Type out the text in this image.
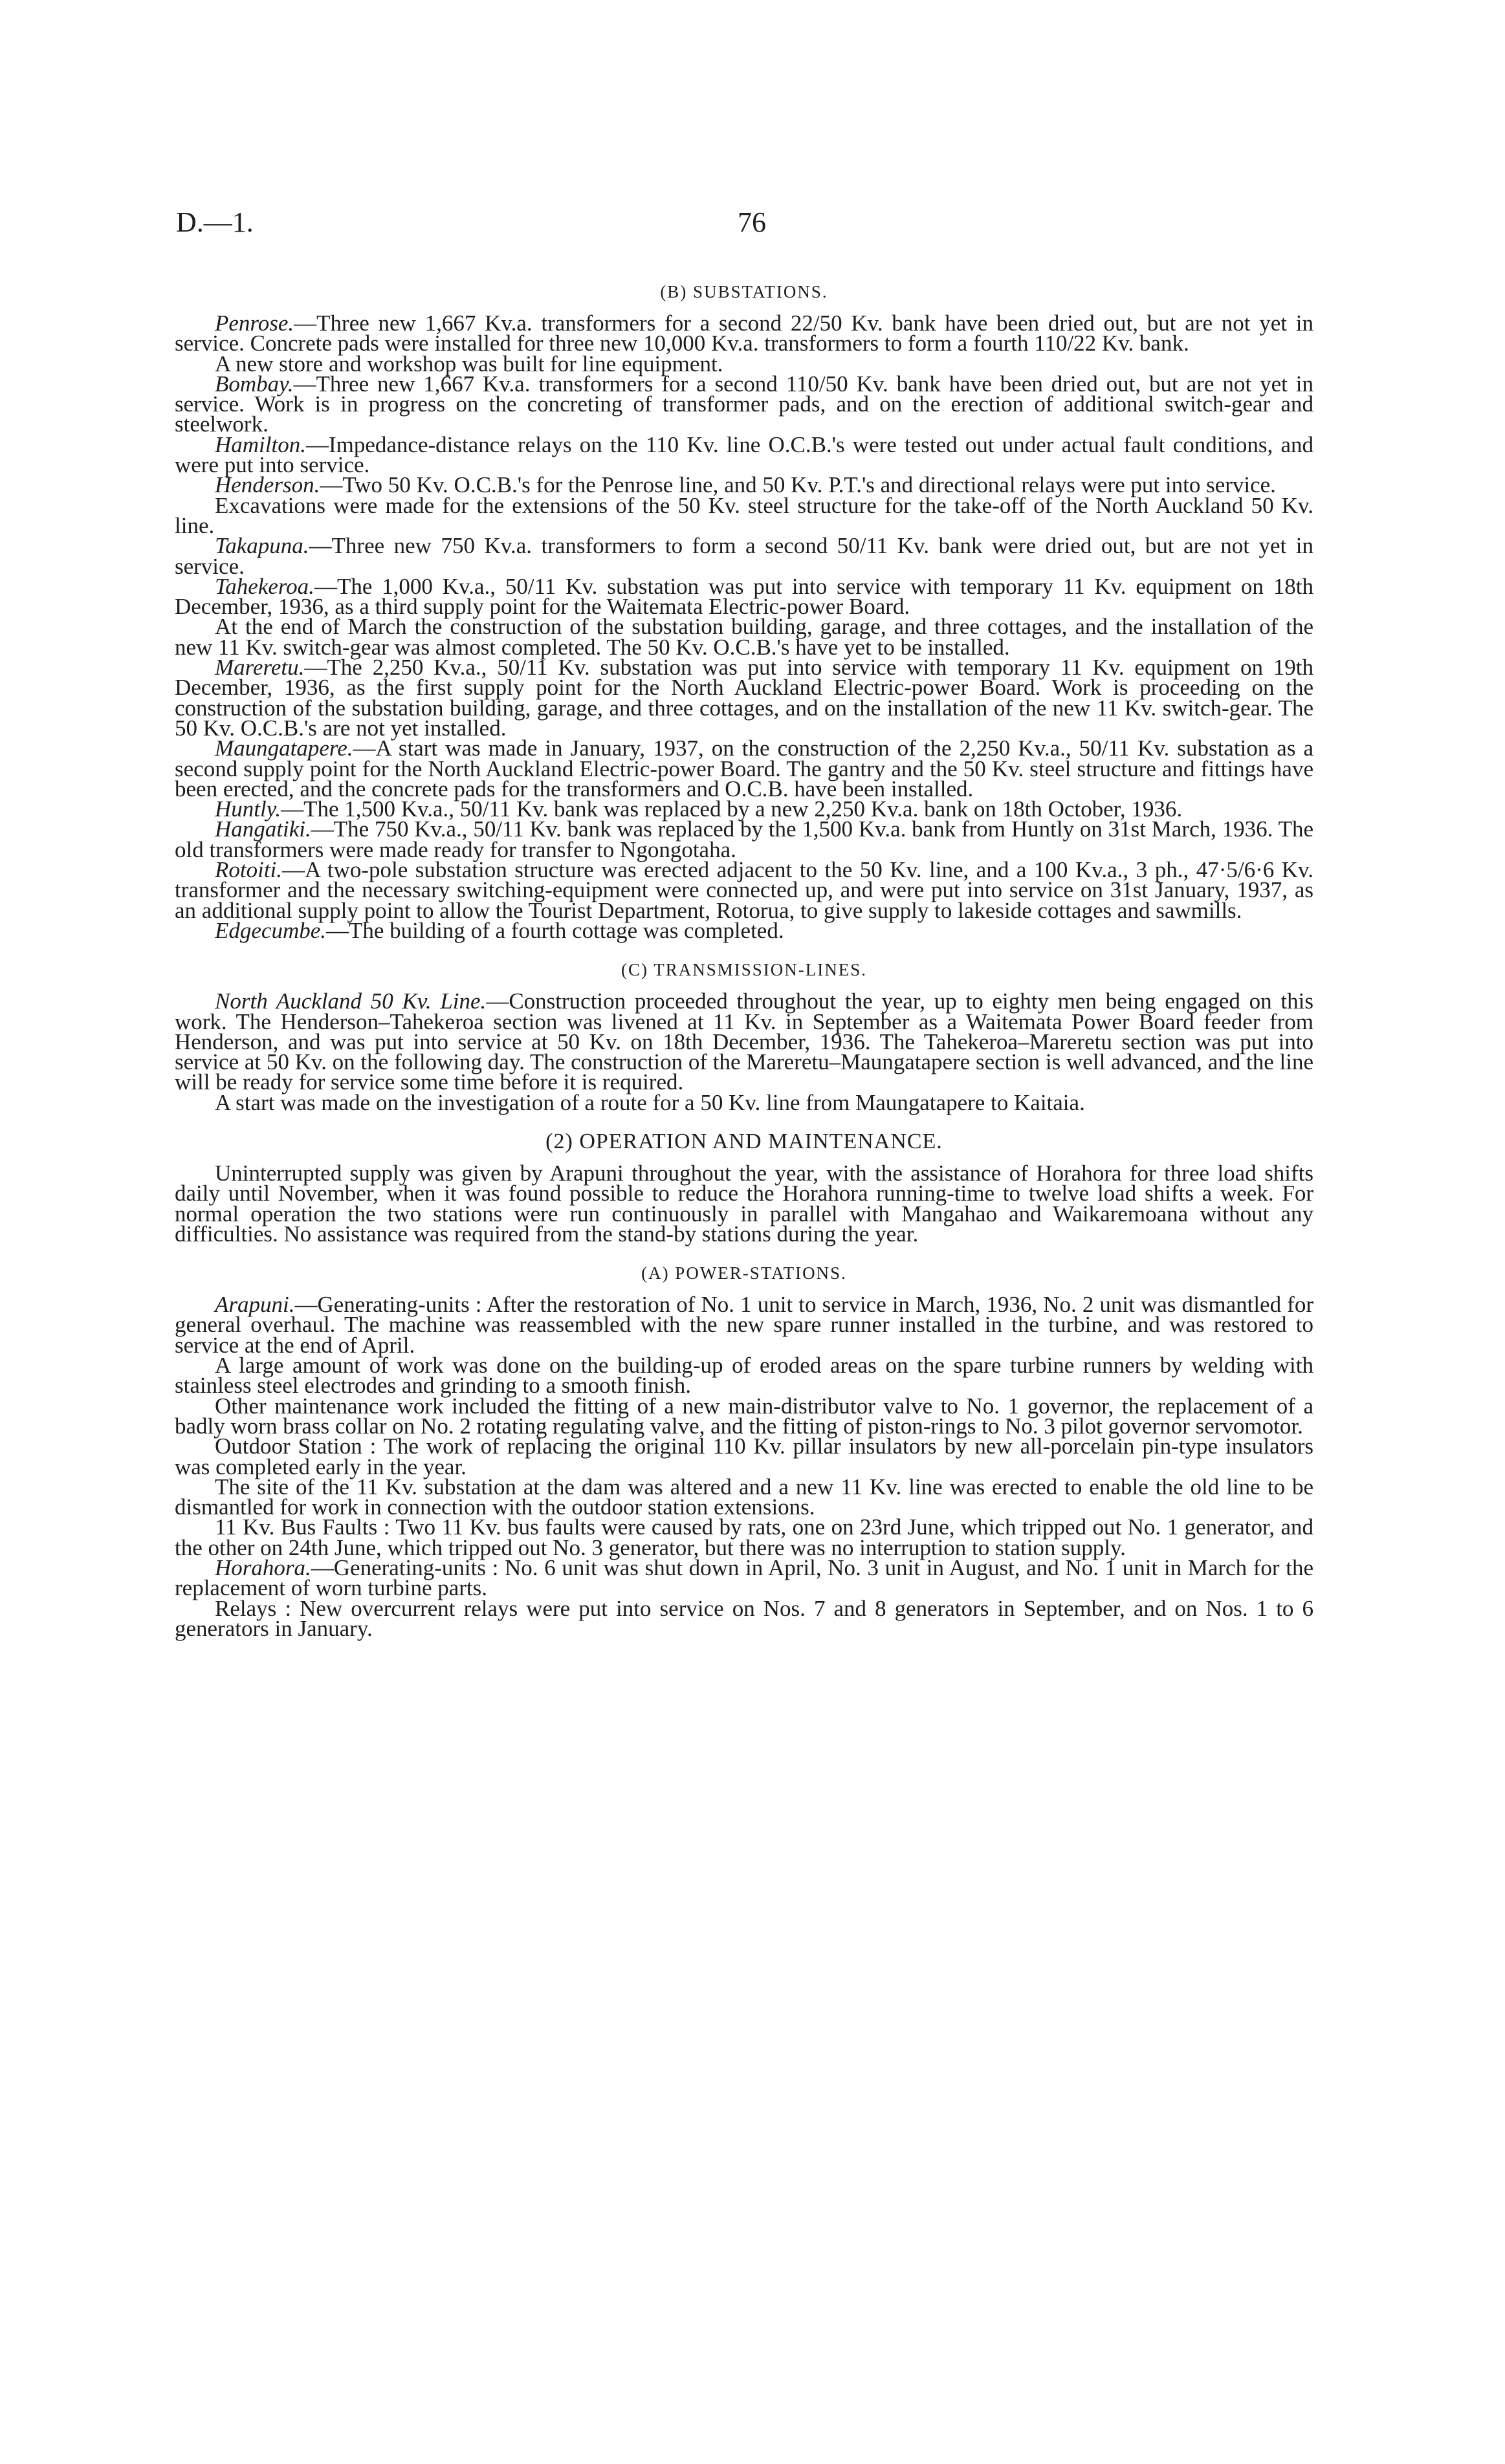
D.—1.	76
(B) SUBSTATIONS.

Penrose.—Three new 1,667 Kv.a. transformers for a second 22/50 Kv. bank have been dried out, but are not yet in service. Concrete pads were installed for three new 10,000 Kv.a. transformers to form a fourth 110/22 Kv. bank.

A new store and workshop was built for line equipment.

Bombay.—Three new 1,667 Kv.a. transformers for a second 110/50 Kv. bank have been dried out, but are not yet in service. Work is in progress on the concreting of transformer pads, and on the erection of additional switch-gear and steelwork.

Hamilton.—Impedance-distance relays on the 110 Kv. line O.C.B.'s were tested out under actual fault conditions, and were put into service.

Henderson.—Two 50 Kv. O.C.B.'s for the Penrose line, and 50 Kv. P.T.'s and directional relays were put into service.

Excavations were made for the extensions of the 50 Kv. steel structure for the take-off of the North Auckland 50 Kv. line.

Takapuna.—Three new 750 Kv.a. transformers to form a second 50/11 Kv. bank were dried out, but are not yet in service.

Tahekeroa.—The 1,000 Kv.a., 50/11 Kv. substation was put into service with temporary 11 Kv. equipment on 18th December, 1936, as a third supply point for the Waitemata Electric-power Board.

At the end of March the construction of the substation building, garage, and three cottages, and the installation of the new 11 Kv. switch-gear was almost completed. The 50 Kv. O.C.B.'s have yet to be installed.

Mareretu.—The 2,250 Kv.a., 50/11 Kv. substation was put into service with temporary 11 Kv. equipment on 19th December, 1936, as the first supply point for the North Auckland Electric-power Board. Work is proceeding on the construction of the substation building, garage, and three cottages, and on the installation of the new 11 Kv. switch-gear. The 50 Kv. O.C.B.'s are not yet installed.

Maungatapere.—A start was made in January, 1937, on the construction of the 2,250 Kv.a., 50/11 Kv. substation as a second supply point for the North Auckland Electric-power Board. The gantry and the 50 Kv. steel structure and fittings have been erected, and the concrete pads for the transformers and O.C.B. have been installed.

Huntly.—The 1,500 Kv.a., 50/11 Kv. bank was replaced by a new 2,250 Kv.a. bank on 18th October, 1936.

Hangatiki.—The 750 Kv.a., 50/11 Kv. bank was replaced by the 1,500 Kv.a. bank from Huntly on 31st March, 1936. The old transformers were made ready for transfer to Ngongotaha.

Rotoiti.—A two-pole substation structure was erected adjacent to the 50 Kv. line, and a 100 Kv.a., 3 ph., 47·5/6·6 Kv. transformer and the necessary switching-equipment were connected up, and were put into service on 31st January, 1937, as an additional supply point to allow the Tourist Department, Rotorua, to give supply to lakeside cottages and sawmills.

Edgecumbe.—The building of a fourth cottage was completed.

(C) TRANSMISSION-LINES.

North Auckland 50 Kv. Line.—Construction proceeded throughout the year, up to eighty men being engaged on this work. The Henderson–Tahekeroa section was livened at 11 Kv. in September as a Waitemata Power Board feeder from Henderson, and was put into service at 50 Kv. on 18th December, 1936. The Tahekeroa–Mareretu section was put into service at 50 Kv. on the following day. The construction of the Mareretu–Maungatapere section is well advanced, and the line will be ready for service some time before it is required.

A start was made on the investigation of a route for a 50 Kv. line from Maungatapere to Kaitaia.

(2) OPERATION AND MAINTENANCE.

Uninterrupted supply was given by Arapuni throughout the year, with the assistance of Horahora for three load shifts daily until November, when it was found possible to reduce the Horahora running-time to twelve load shifts a week. For normal operation the two stations were run continuously in parallel with Mangahao and Waikaremoana without any difficulties. No assistance was required from the stand-by stations during the year.

(A) POWER-STATIONS.

Arapuni.—Generating-units : After the restoration of No. 1 unit to service in March, 1936, No. 2 unit was dismantled for general overhaul. The machine was reassembled with the new spare runner installed in the turbine, and was restored to service at the end of April.

A large amount of work was done on the building-up of eroded areas on the spare turbine runners by welding with stainless steel electrodes and grinding to a smooth finish.

Other maintenance work included the fitting of a new main-distributor valve to No. 1 governor, the replacement of a badly worn brass collar on No. 2 rotating regulating valve, and the fitting of piston-rings to No. 3 pilot governor servomotor.

Outdoor Station : The work of replacing the original 110 Kv. pillar insulators by new all-porcelain pin-type insulators was completed early in the year.

The site of the 11 Kv. substation at the dam was altered and a new 11 Kv. line was erected to enable the old line to be dismantled for work in connection with the outdoor station extensions.

11 Kv. Bus Faults : Two 11 Kv. bus faults were caused by rats, one on 23rd June, which tripped out No. 1 generator, and the other on 24th June, which tripped out No. 3 generator, but there was no interruption to station supply.

Horahora.—Generating-units : No. 6 unit was shut down in April, No. 3 unit in August, and No. 1 unit in March for the replacement of worn turbine parts.

Relays : New overcurrent relays were put into service on Nos. 7 and 8 generators in September, and on Nos. 1 to 6 generators in January.
